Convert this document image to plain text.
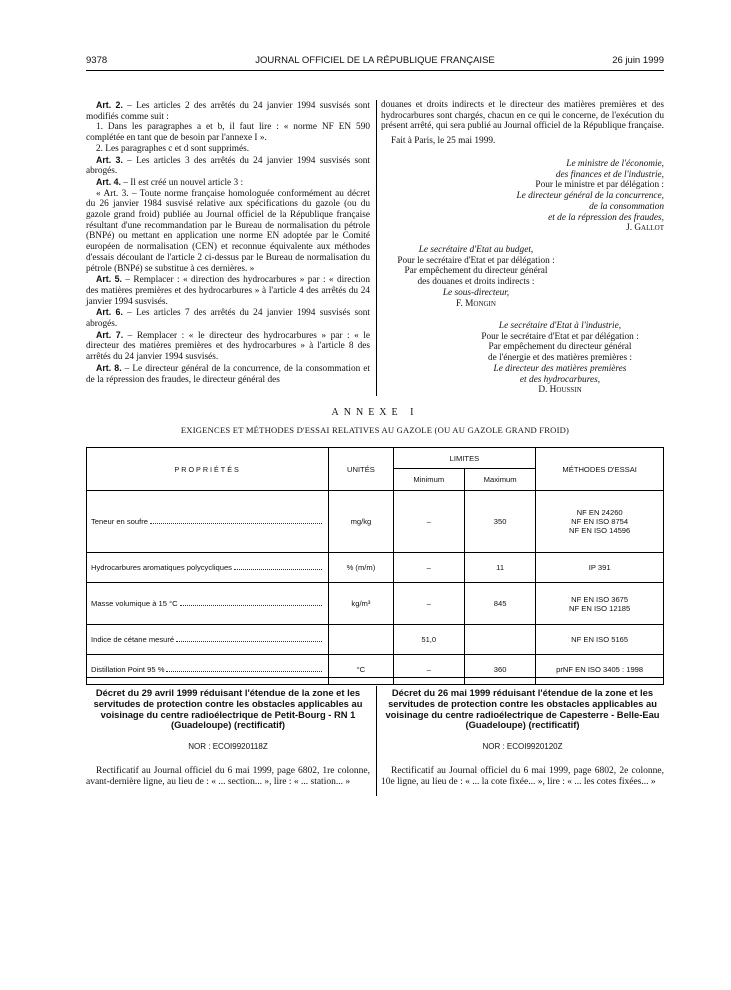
9378	JOURNAL OFFICIEL DE LA RÉPUBLIQUE FRANÇAISE	26 juin 1999

Art. 2. – Les articles 2 des arrêtés du 24 janvier 1994 susvisés sont modifiés comme suit :

1. Dans les paragraphes a et b, il faut lire : « norme NF EN 590 complétée en tant que de besoin par l'annexe I ».

2. Les paragraphes c et d sont supprimés.

Art. 3. – Les articles 3 des arrêtés du 24 janvier 1994 susvisés sont abrogés.

Art. 4. – Il est créé un nouvel article 3 :

« Art. 3. – Toute norme française homologuée conformément au décret du 26 janvier 1984 susvisé relative aux spécifications du gazole (ou du gazole grand froid) publiée au Journal officiel de la République française résultant d'une recommandation par le Bureau de normalisation du pétrole (BNPé) ou mettant en application une norme EN adoptée par le Comité européen de normalisation (CEN) et reconnue équivalente aux méthodes d'essais découlant de l'article 2 ci-dessus par le Bureau de normalisation du pétrole (BNPé) se substitue à ces dernières. »

Art. 5. – Remplacer : « direction des hydrocarbures » par : « direction des matières premières et des hydrocarbures » à l'article 4 des arrêtés du 24 janvier 1994 susvisés.

Art. 6. – Les articles 7 des arrêtés du 24 janvier 1994 susvisés sont abrogés.

Art. 7. – Remplacer : « le directeur des hydrocarbures » par : « le directeur des matières premières et des hydrocarbures » à l'article 8 des arrêtés du 24 janvier 1994 susvisés.

Art. 8. – Le directeur général de la concurrence, de la consommation et de la répression des fraudes, le directeur général des

douanes et droits indirects et le directeur des matières premières et des hydrocarbures sont chargés, chacun en ce qui le concerne, de l'exécution du présent arrêté, qui sera publié au Journal officiel de la République française.

Fait à Paris, le 25 mai 1999.

Le ministre de l'économie,
des finances et de l'industrie,
Pour le ministre et par délégation :
Le directeur général de la concurrence,
de la consommation
et de la répression des fraudes,
J. Gallot
Le secrétaire d'Etat au budget,
Pour le secrétaire d'Etat et par délégation :
Par empêchement du directeur général
des douanes et droits indirects :
Le sous-directeur,
F. Mongin
Le secrétaire d'Etat à l'industrie,
Pour le secrétaire d'Etat et par délégation :
Par empêchement du directeur général
de l'énergie et des matières premières :
Le directeur des matières premières
et des hydrocarbures,
D. Houssin
ANNEXE I
EXIGENCES ET MÉTHODES D'ESSAI RELATIVES AU GAZOLE (OU AU GAZOLE GRAND FROID)
PROPRIÉTÉS	UNITÉS	LIMITES		MÉTHODES D'ESSAI
		Minimum	Maximum	

Teneur en soufre	mg/kg	–	350	NF EN 24260
NF EN ISO 8754
NF EN ISO 14596

Hydrocarbures aromatiques polycycliques	% (m/m)	–	11	IP 391

Masse volumique à 15 °C	kg/m³	–	845	NF EN ISO 3675
NF EN ISO 12185

Indice de cétane mesuré		51,0		NF EN ISO 5165

Distillation Point 95 %	°C	–	360	prNF EN ISO 3405 : 1998
Décret du 29 avril 1999 réduisant l'étendue de la zone et les servitudes de protection contre les obstacles applicables au voisinage du centre radioélectrique de Petit-Bourg - RN 1 (Guadeloupe) (rectificatif)
NOR : ECOI9920118Z

Rectificatif au Journal officiel du 6 mai 1999, page 6802, 1re colonne, avant-dernière ligne, au lieu de : « ... section... », lire : « ... station... »

Décret du 26 mai 1999 réduisant l'étendue de la zone et les servitudes de protection contre les obstacles applicables au voisinage du centre radioélectrique de Capesterre - Belle-Eau (Guadeloupe) (rectificatif)
NOR : ECOI9920120Z

Rectificatif au Journal officiel du 6 mai 1999, page 6802, 2e colonne, 10e ligne, au lieu de : « ... la cote fixée... », lire : « ... les cotes fixées... »
